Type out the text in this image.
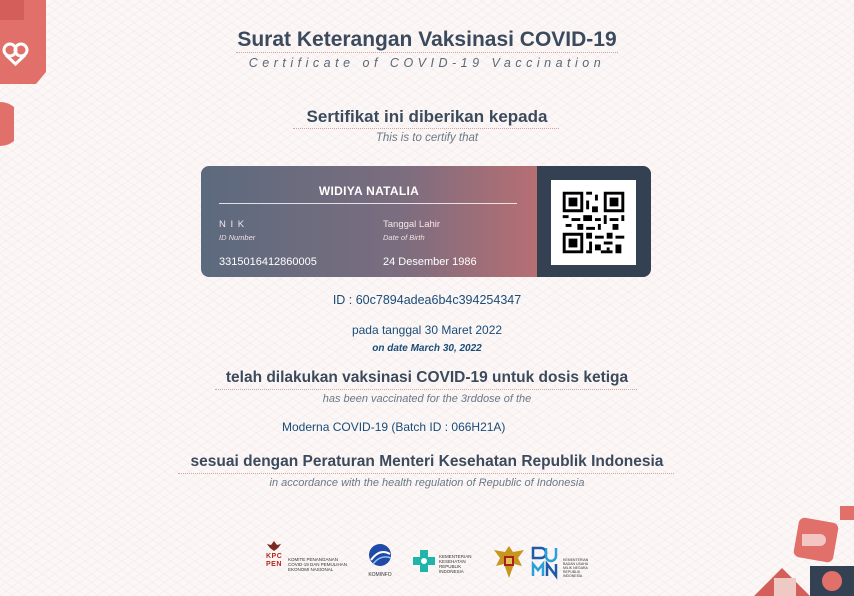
Surat Keterangan Vaksinasi COVID-19
Certificate of COVID-19 Vaccination
Sertifikat ini diberikan kepada
This is to certify that
WIDIYA NATALIA
N I K
ID Number
3315016412860005
Tanggal Lahir
Date of Birth
24 Desember 1986
ID : 60c7894adea6b4c394254347
pada tanggal 30 Maret 2022
on date March 30, 2022
telah dilakukan vaksinasi COVID-19 untuk dosis ketiga
has been vaccinated for the 3rddose of the
Moderna COVID-19 (Batch ID : 066H21A)
sesuai dengan Peraturan Menteri Kesehatan Republik Indonesia
in accordance with the health regulation of Republic of Indonesia
KPC PEN
KOMITE PENANGANAN COVID-19 DAN PEMULIHAN EKONOMI NASIONAL
KOMINFO
KEMENTERIAN KESEHATAN REPUBLIK INDONESIA
KEMENTERIAN BADAN USAHA MILIK NEGARA REPUBLIK INDONESIA
